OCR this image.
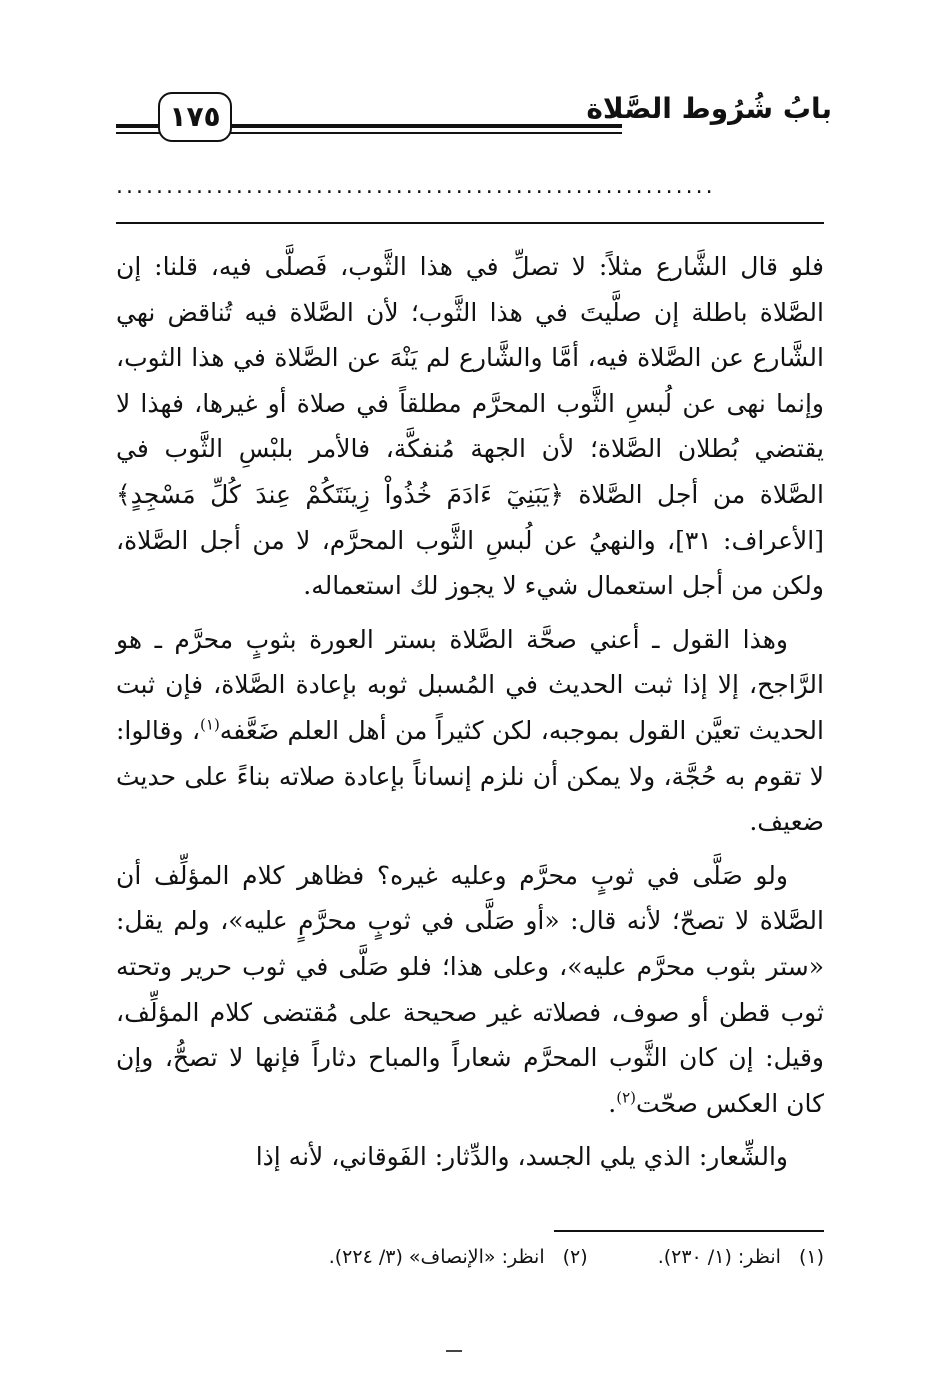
١٧٥	بابُ شُرُوط الصَّلاة
............................................................

فلو قال الشَّارع مثلاً: لا تصلِّ في هذا الثَّوب، فَصلَّى فيه، قلنا: إن الصَّلاة باطلة إن صلَّيتَ في هذا الثَّوب؛ لأن الصَّلاة فيه تُناقض نهي الشَّارع عن الصَّلاة فيه، أمَّا والشَّارع لم يَنْهَ عن الصَّلاة في هذا الثوب، وإنما نهى عن لُبسِ الثَّوب المحرَّم مطلقاً في صلاة أو غيرها، فهذا لا يقتضي بُطلان الصَّلاة؛ لأن الجهة مُنفكَّة، فالأمر بلبْسِ الثَّوب في الصَّلاة من أجل الصَّلاة ﴿يَبَنِيٓ ءَادَمَ خُذُواْ زِينَتَكُمْ عِندَ كُلِّ مَسْجِدٍ﴾ [الأعراف: ٣١]، والنهيُ عن لُبسِ الثَّوب المحرَّم، لا من أجل الصَّلاة، ولكن من أجل استعمال شيء لا يجوز لك استعماله.

وهذا القول ـ أعني صحَّة الصَّلاة بستر العورة بثوبٍ محرَّم ـ هو الرَّاجح، إلا إذا ثبت الحديث في المُسبل ثوبه بإعادة الصَّلاة، فإن ثبت الحديث تعيَّن القول بموجبه، لكن كثيراً من أهل العلم ضَعَّفه$^{(١)}$، وقالوا: لا تقوم به حُجَّة، ولا يمكن أن نلزم إنساناً بإعادة صلاته بناءً على حديث ضعيف.

ولو صَلَّى في ثوبٍ محرَّم وعليه غيره؟ فظاهر كلام المؤلِّف أن الصَّلاة لا تصحّ؛ لأنه قال: «أو صَلَّى في ثوبٍ محرَّمٍ عليه»، ولم يقل: «ستر بثوب محرَّم عليه»، وعلى هذا؛ فلو صَلَّى في ثوب حرير وتحته ثوب قطن أو صوف، فصلاته غير صحيحة على مُقتضى كلام المؤلِّف، وقيل: إن كان الثَّوب المحرَّم شعاراً والمباح دثاراً فإنها لا تصحُّ، وإن كان العكس صحّت$^{(٢)}$.

والشِّعار: الذي يلي الجسد، والدِّثار: الفَوقاني، لأنه إذا

(١)
انظر: (١/ ٢٣٠).
(٢)
انظر: «الإنصاف» (٣/ ٢٢٤).
